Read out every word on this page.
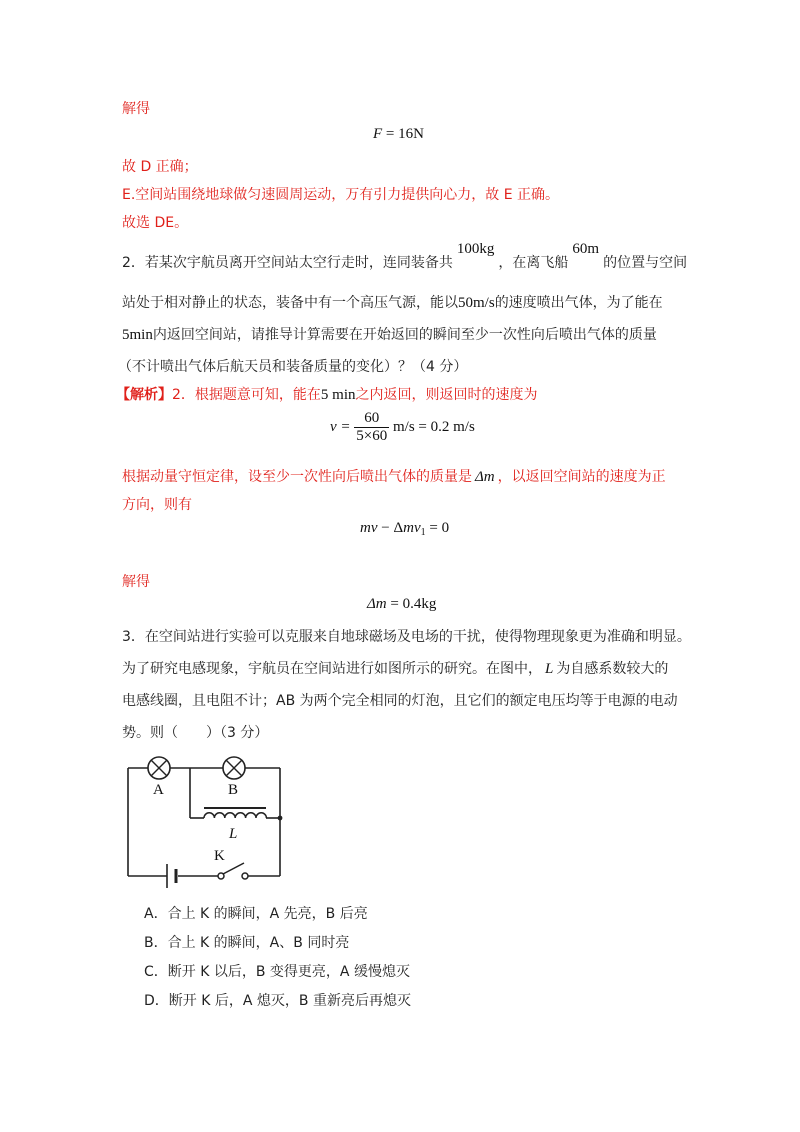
解得
F = 16N
故 D 正确；
E.空间站围绕地球做匀速圆周运动，万有引力提供向心力，故 E 正确。
故选 DE。
2．若某次宇航员离开空间站太空行走时，连同装备共100kg，在离飞船60m的位置与空间
站处于相对静止的状态，装备中有一个高压气源，能以50m/s的速度喷出气体，为了能在
5min内返回空间站，请推导计算需要在开始返回的瞬间至少一次性向后喷出气体的质量
（不计喷出气体后航天员和装备质量的变化）？（4 分）
【解析】2．根据题意可知，能在5 min之内返回，则返回时的速度为
$v = \frac{60}{5\times 60} m/s = 0.2$ m/s
根据动量守恒定律，设至少一次性向后喷出气体的质量是 Δm ，以返回空间站的速度为正
方向，则有
mv − Δmv$_1$ = 0
解得
Δm = 0.4kg
3．在空间站进行实验可以克服来自地球磁场及电场的干扰，使得物理现象更为准确和明显。
为了研究电感现象，宇航员在空间站进行如图所示的研究。在图中， L 为自感系数较大的
电感线圈，且电阻不计；AB 为两个完全相同的灯泡，且它们的额定电压均等于电源的电动
势。则（　　）（3 分）
A	B
L
K
A．合上 K 的瞬间，A 先亮，B 后亮
B．合上 K 的瞬间，A、B 同时亮
C．断开 K 以后，B 变得更亮，A 缓慢熄灭
D．断开 K 后，A 熄灭，B 重新亮后再熄灭
